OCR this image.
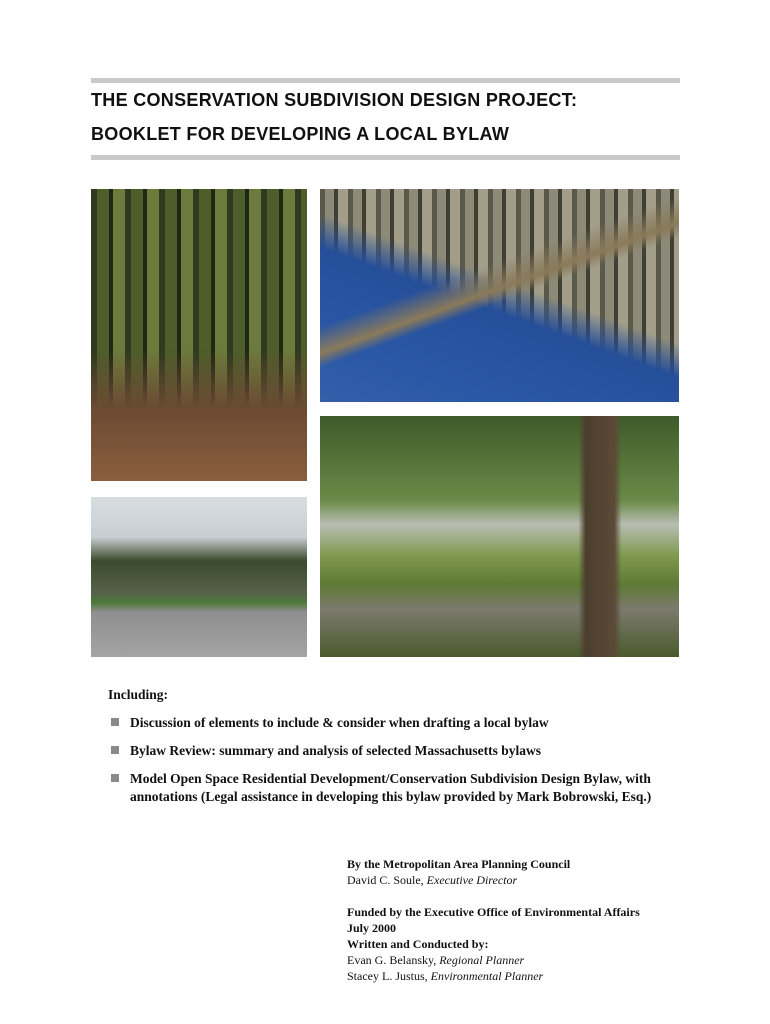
THE CONSERVATION SUBDIVISION DESIGN PROJECT:
BOOKLET FOR DEVELOPING A LOCAL BYLAW
Including:
Discussion of elements to include & consider when drafting a local bylaw
Bylaw Review: summary and analysis of selected Massachusetts bylaws
Model Open Space Residential Development/Conservation Subdivision Design Bylaw, with
annotations (Legal assistance in developing this bylaw provided by Mark Bobrowski, Esq.)
By the Metropolitan Area Planning Council
David C. Soule, Executive Director
Funded by the Executive Office of Environmental Affairs
July 2000
Written and Conducted by:
Evan G. Belansky, Regional Planner
Stacey L. Justus, Environmental Planner
